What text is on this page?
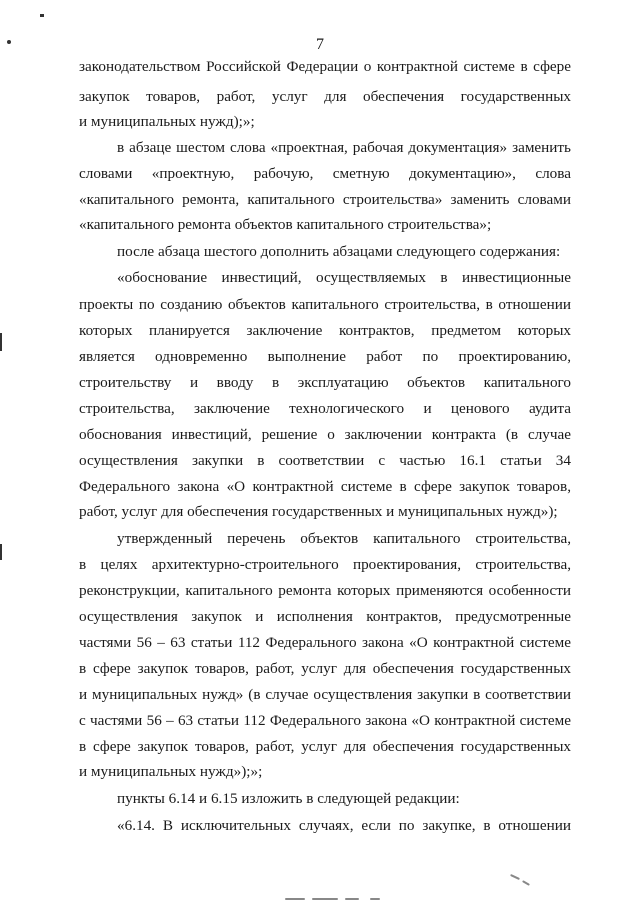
7
законодательством Российской Федерации о контрактной системе в сфере
закупок товаров, работ, услуг для обеспечения государственных
и муниципальных нужд);»;
в абзаце шестом слова «проектная, рабочая документация» заменить
словами «проектную, рабочую, сметную документацию», слова
«капитального ремонта, капитального строительства» заменить словами
«капитального ремонта объектов капитального строительства»;
после абзаца шестого дополнить абзацами следующего содержания:
«обоснование инвестиций, осуществляемых в инвестиционные
проекты по созданию объектов капитального строительства, в отношении
которых планируется заключение контрактов, предметом которых
является одновременно выполнение работ по проектированию,
строительству и вводу в эксплуатацию объектов капитального
строительства, заключение технологического и ценового аудита
обоснования инвестиций, решение о заключении контракта (в случае
осуществления закупки в соответствии с частью 16.1 статьи 34
Федерального закона «О контрактной системе в сфере закупок товаров,
работ, услуг для обеспечения государственных и муниципальных нужд»);
утвержденный перечень объектов капитального строительства,
в целях архитектурно-строительного проектирования, строительства,
реконструкции, капитального ремонта которых применяются особенности
осуществления закупок и исполнения контрактов, предусмотренные
частями 56 – 63 статьи 112 Федерального закона «О контрактной системе
в сфере закупок товаров, работ, услуг для обеспечения государственных
и муниципальных нужд» (в случае осуществления закупки в соответствии
с частями 56 – 63 статьи 112 Федерального закона «О контрактной системе
в сфере закупок товаров, работ, услуг для обеспечения государственных
и муниципальных нужд»);»;
пункты 6.14 и 6.15 изложить в следующей редакции:
«6.14. В исключительных случаях, если по закупке, в отношении
